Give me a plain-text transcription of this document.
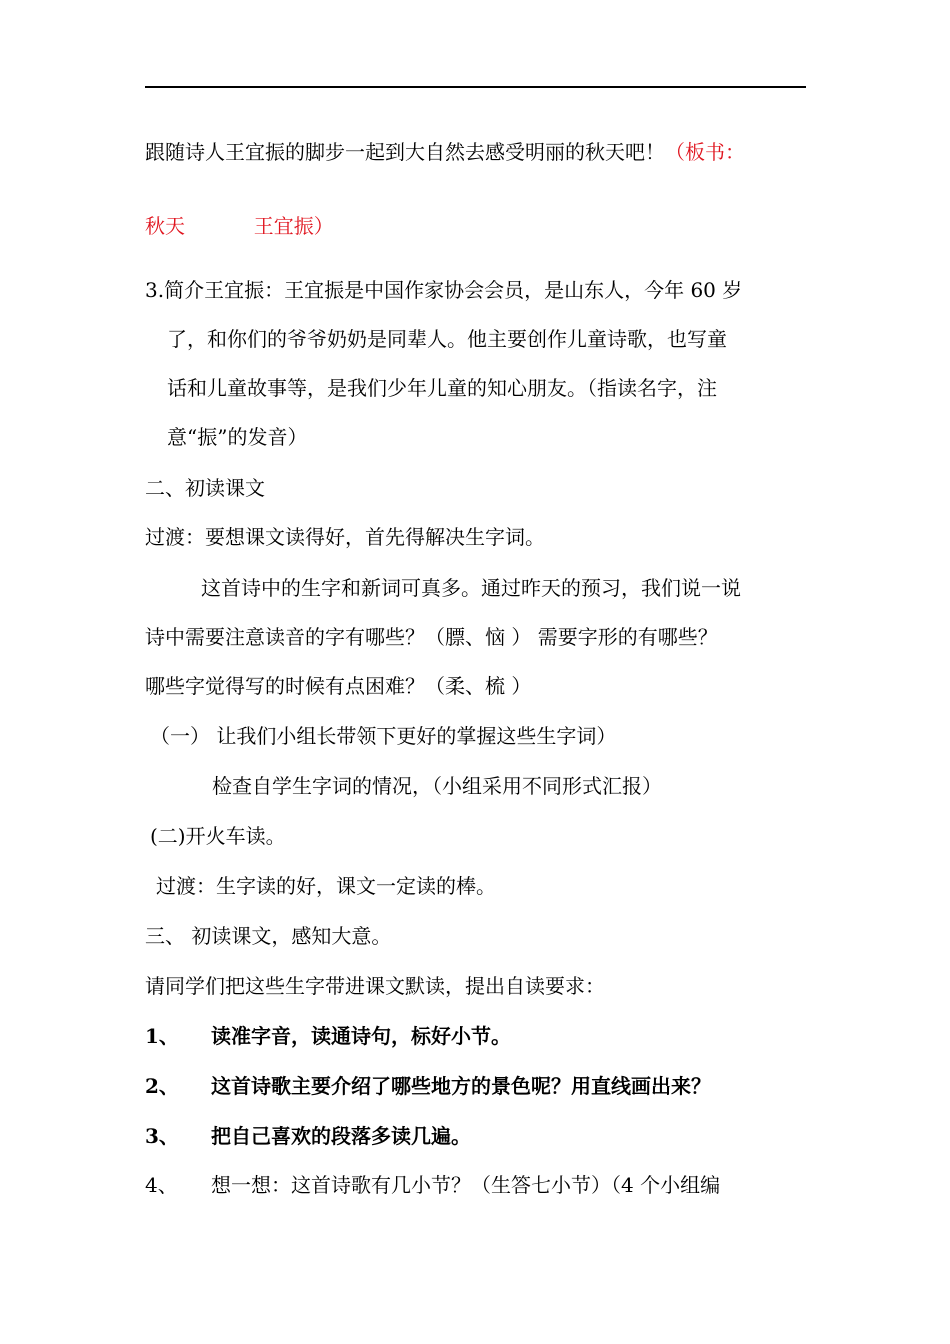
跟随诗人王宜振的脚步一起到大自然去感受明丽的秋天吧！（板书：
秋天	王宜振）
3.简介王宜振：王宜振是中国作家协会会员，是山东人，今年 60 岁
了，和你们的爷爷奶奶是同辈人。他主要创作儿童诗歌，也写童
话和儿童故事等，是我们少年儿童的知心朋友。（指读名字，注
意“振”的发音）
二、初读课文
过渡：要想课文读得好，首先得解决生字词。
这首诗中的生字和新词可真多。通过昨天的预习，我们说一说
诗中需要注意读音的字有哪些？（膘、恼 ） 需要字形的有哪些？
哪些字觉得写的时候有点困难？（柔、梳 ）
（一） 让我们小组长带领下更好的掌握这些生字词）
检查自学生字词的情况，（小组采用不同形式汇报）
(二)开火车读。
过渡：生字读的好，课文一定读的棒。
三、 初读课文，感知大意。
请同学们把这些生字带进课文默读，提出自读要求：
1、 读准字音，读通诗句，标好小节。
2、 这首诗歌主要介绍了哪些地方的景色呢？用直线画出来？
3、 把自己喜欢的段落多读几遍。
4、 想一想：这首诗歌有几小节？（生答七小节）（4 个小组编
